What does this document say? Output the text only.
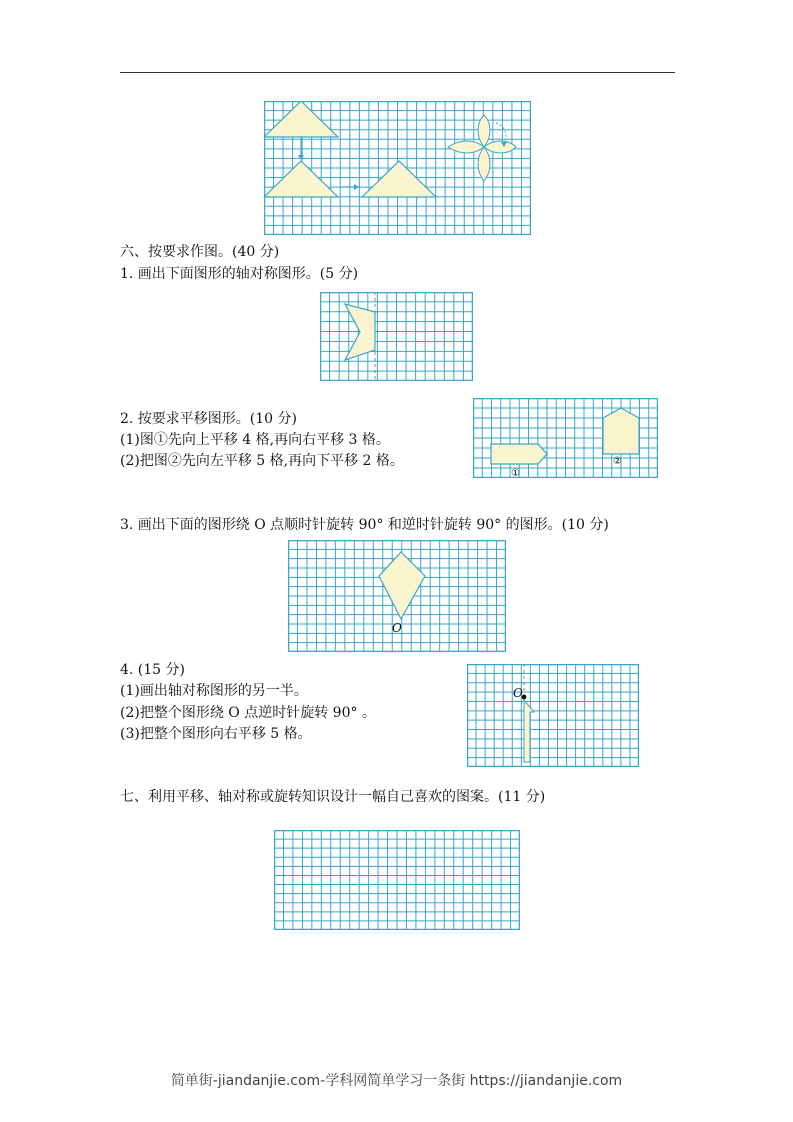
六、按要求作图。(40 分)
1. 画出下面图形的轴对称图形。(5 分)
2. 按要求平移图形。(10 分)
(1)图①先向上平移 4 格,再向右平移 3 格。
(2)把图②先向左平移 5 格,再向下平移 2 格。
①
②
3. 画出下面的图形绕 O 点顺时针旋转 90° 和逆时针旋转 90° 的图形。(10 分)
O
4. (15 分)
(1)画出轴对称图形的另一半。
(2)把整个图形绕 O 点逆时针旋转 90° 。
(3)把整个图形向右平移 5 格。
O
七、利用平移、轴对称或旋转知识设计一幅自己喜欢的图案。(11 分)
简单街-jiandanjie.com-学科网简单学习一条街 https://jiandanjie.com
